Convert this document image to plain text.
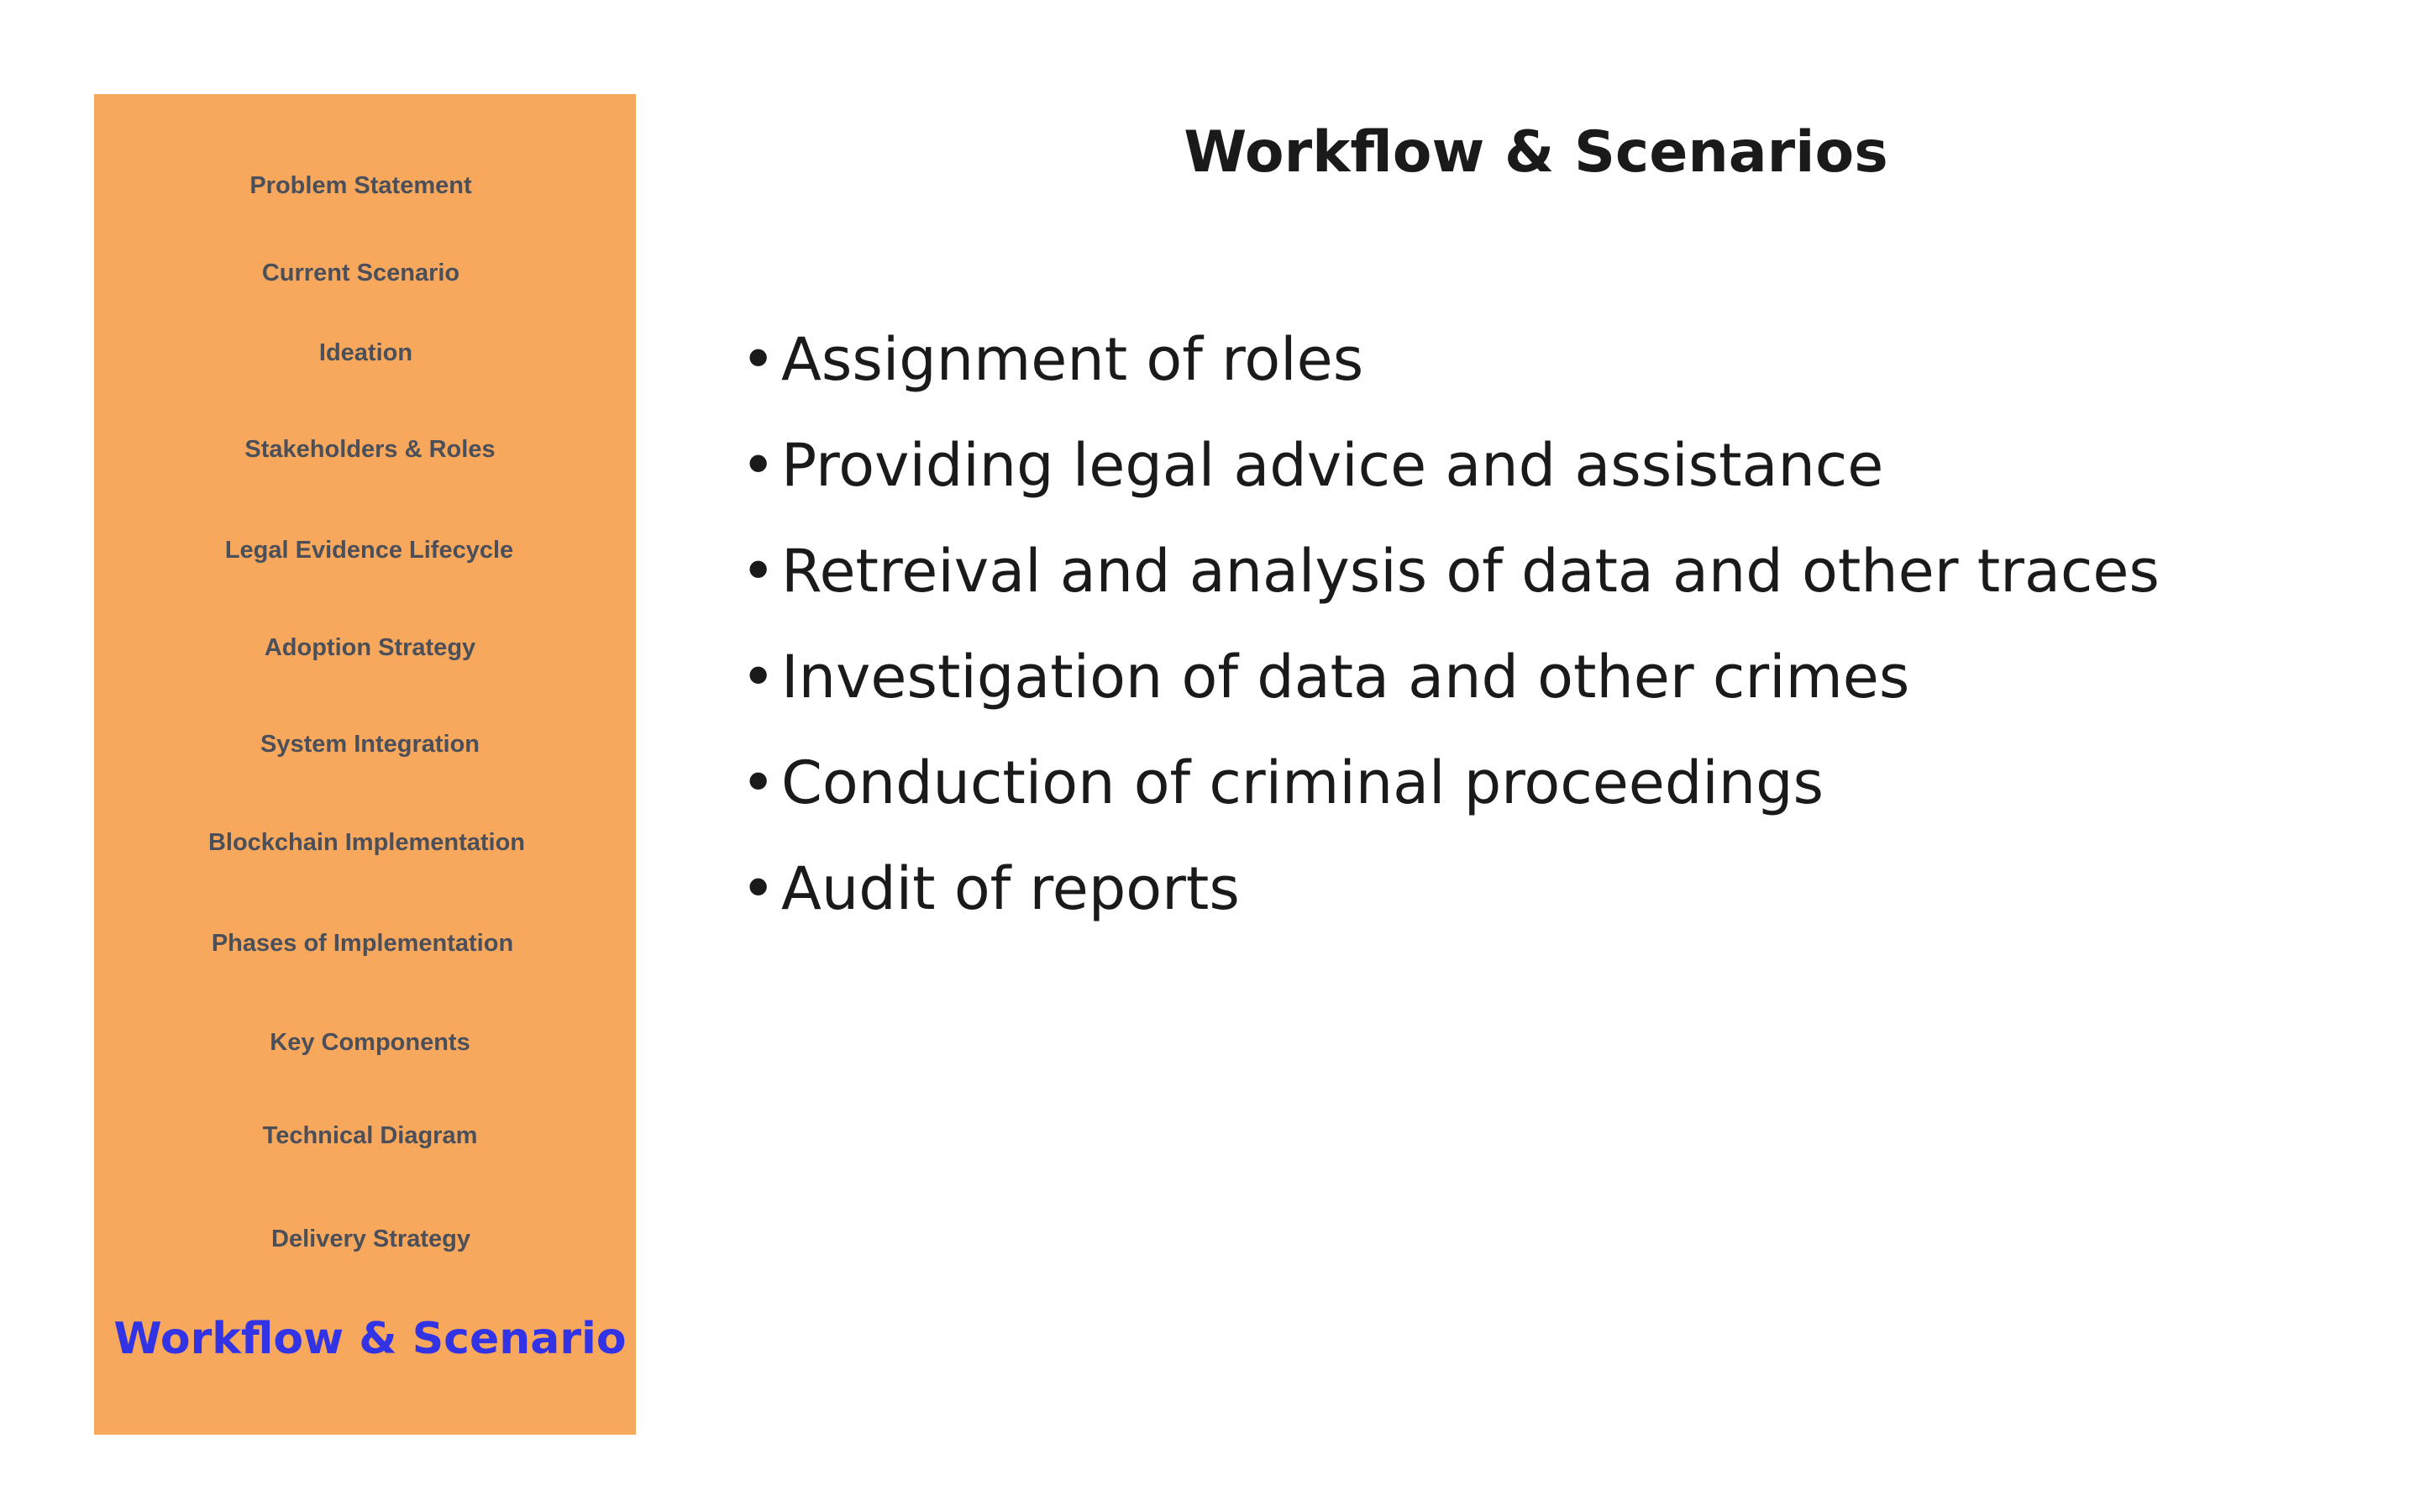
Problem Statement
Current Scenario
Ideation
Stakeholders & Roles
Legal Evidence Lifecycle
Adoption Strategy
System Integration
Blockchain Implementation
Phases of Implementation
Key Components
Technical Diagram
Delivery Strategy
Workflow & Scenario
Workflow & Scenarios
•Assignment of roles
•Providing legal advice and assistance
•Retreival and analysis of data and other traces
•Investigation of data and other crimes
•Conduction of criminal proceedings
•Audit of reports
